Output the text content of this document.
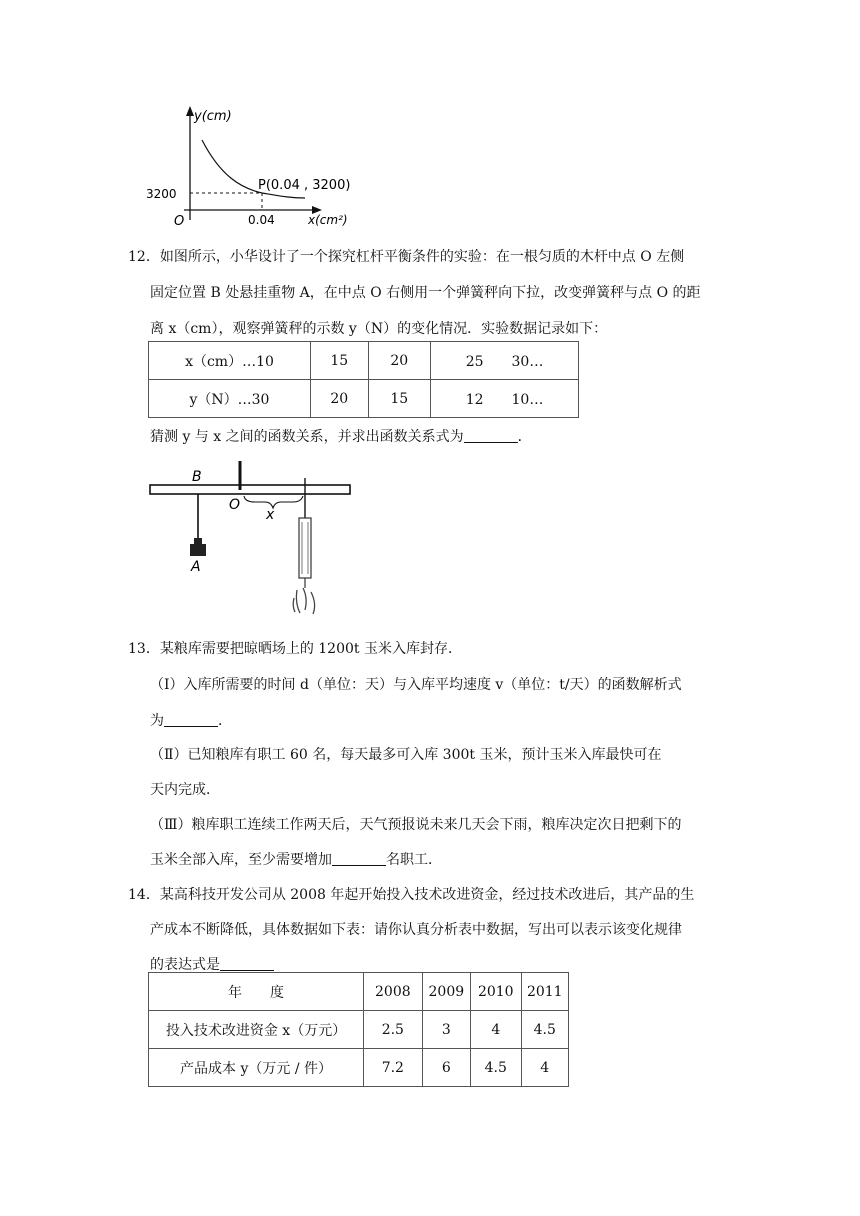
y(cm)
x(cm²)
O
3200
0.04
P(0.04 , 3200)
12．如图所示，小华设计了一个探究杠杆平衡条件的实验：在一根匀质的木杆中点 O 左侧
固定位置 B 处悬挂重物 A，在中点 O 右侧用一个弹簧秤向下拉，改变弹簧秤与点 O 的距
离 x（cm），观察弹簧秤的示数 y（N）的变化情况．实验数据记录如下：
x（cm）…10	15	20	25　　30…
y（N）…30	20	15	12　　10…
猜测 y 与 x 之间的函数关系，并求出函数关系式为	．
B
O
x
A
13．某粮库需要把晾晒场上的 1200t 玉米入库封存．
（Ⅰ）入库所需要的时间 d（单位：天）与入库平均速度 v（单位：t/天）的函数解析式
为	．
（Ⅱ）已知粮库有职工 60 名，每天最多可入库 300t 玉米，预计玉米入库最快可在
天内完成．
（Ⅲ）粮库职工连续工作两天后，天气预报说未来几天会下雨，粮库决定次日把剩下的
玉米全部入库，至少需要增加	名职工．
14．某高科技开发公司从 2008 年起开始投入技术改进资金，经过技术改进后，其产品的生
产成本不断降低，具体数据如下表：请你认真分析表中数据，写出可以表示该变化规律
的表达式是
年　　度	2008	2009	2010	2011
投入技术改进资金 x（万元）	2.5	3	4	4.5
产品成本 y（万元 / 件）	7.2	6	4.5	4
